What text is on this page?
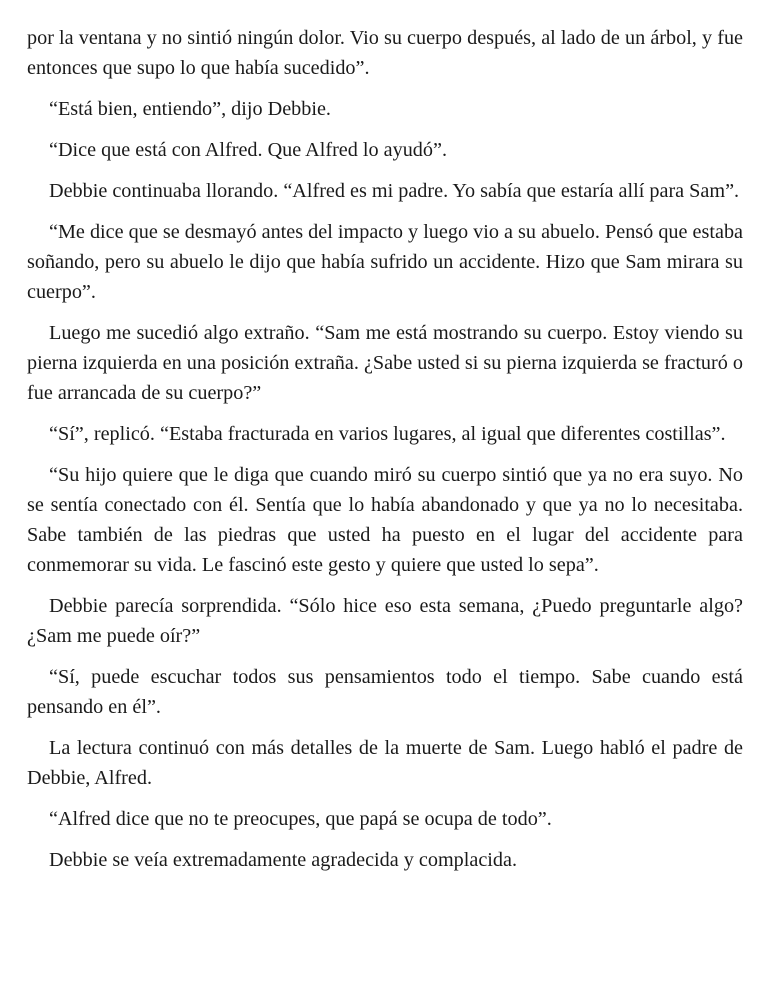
por la ventana y no sintió ningún dolor. Vio su cuerpo después, al lado de un árbol, y fue entonces que supo lo que había sucedido”.

“Está bien, entiendo”, dijo Debbie.

“Dice que está con Alfred. Que Alfred lo ayudó”.

Debbie continuaba llorando. “Alfred es mi padre. Yo sabía que estaría allí para Sam”.

“Me dice que se desmayó antes del impacto y luego vio a su abuelo. Pensó que estaba soñando, pero su abuelo le dijo que había sufrido un accidente. Hizo que Sam mirara su cuerpo”.

Luego me sucedió algo extraño. “Sam me está mostrando su cuerpo. Estoy viendo su pierna izquierda en una posición extraña. ¿Sabe usted si su pierna izquierda se fracturó o fue arrancada de su cuerpo?”

“Sí”, replicó. “Estaba fracturada en varios lugares, al igual que diferentes costillas”.

“Su hijo quiere que le diga que cuando miró su cuerpo sintió que ya no era suyo. No se sentía conectado con él. Sentía que lo había abandonado y que ya no lo necesitaba. Sabe también de las piedras que usted ha puesto en el lugar del accidente para conmemorar su vida. Le fascinó este gesto y quiere que usted lo sepa”.

Debbie parecía sorprendida. “Sólo hice eso esta semana, ¿Puedo preguntarle algo? ¿Sam me puede oír?”

“Sí, puede escuchar todos sus pensamientos todo el tiempo. Sabe cuando está pensando en él”.

La lectura continuó con más detalles de la muerte de Sam. Luego habló el padre de Debbie, Alfred.

“Alfred dice que no te preocupes, que papá se ocupa de todo”.

Debbie se veía extremadamente agradecida y complacida.
